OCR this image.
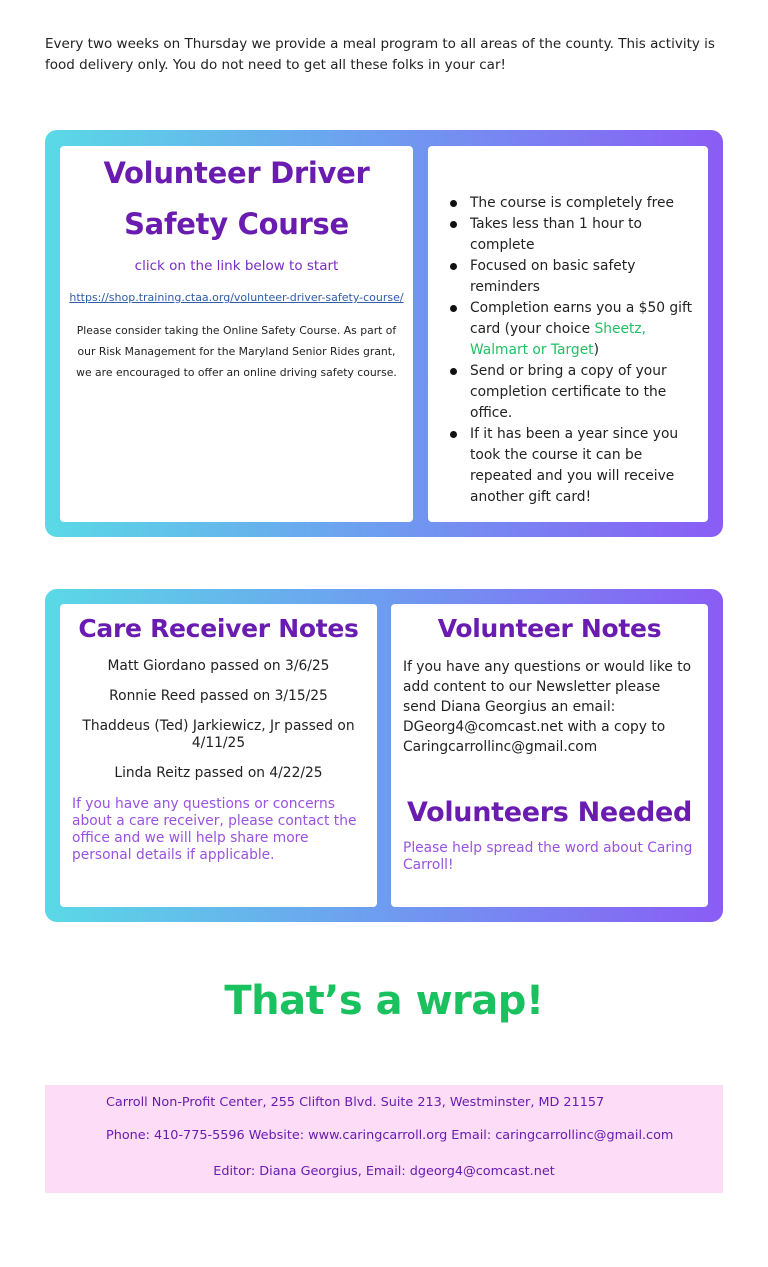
Every two weeks on Thursday we provide a meal program to all areas of the county. This activity is food delivery only. You do not need to get all these folks in your car!
Volunteer Driver
Safety Course
click on the link below to start
https://shop.training.ctaa.org/volunteer-driver-safety-course/
Please consider taking the Online Safety Course. As part of our Risk Management for the Maryland Senior Rides grant, we are encouraged to offer an online driving safety course.
The course is completely free
Takes less than 1 hour to complete
Focused on basic safety reminders
Completion earns you a $50 gift card (your choice Sheetz, Walmart or Target)
Send or bring a copy of your completion certificate to the office.
If it has been a year since you took the course it can be repeated and you will receive another gift card!
Care Receiver Notes
Matt Giordano passed on 3/6/25
Ronnie Reed passed on 3/15/25
Thaddeus (Ted) Jarkiewicz, Jr passed on 4/11/25
Linda Reitz passed on 4/22/25
If you have any questions or concerns about a care receiver, please contact the office and we will help share more personal details if applicable.
Volunteer Notes
If you have any questions or would like to add content to our Newsletter please send Diana Georgius an email: DGeorg4@comcast.net with a copy to Caringcarrollinc@gmail.com
Volunteers Needed
Please help spread the word about Caring Carroll!
That’s a wrap!
Carroll Non-Profit Center, 255 Clifton Blvd. Suite 213, Westminster, MD 21157
Phone: 410-775-5596 Website: www.caringcarroll.org Email: caringcarrollinc@gmail.com
Editor: Diana Georgius, Email: dgeorg4@comcast.net
